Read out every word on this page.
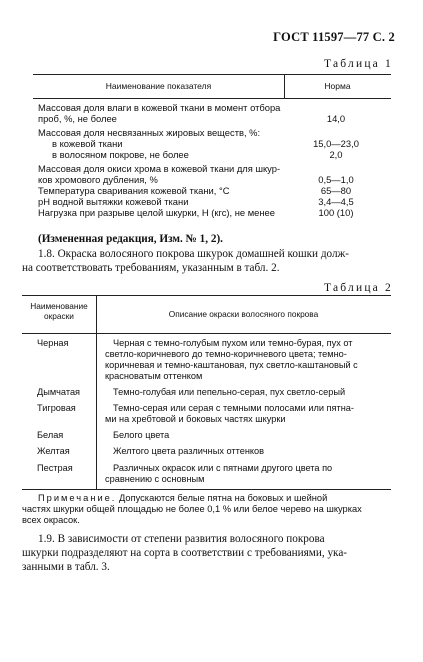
ГОСТ 11597—77 С. 2
Таблица 1
Наименование показателя	Норма
Массовая доля влаги в кожевой ткани в момент отбора
проб, %, не более	14,0
Массовая доля несвязанных жировых веществ, %:
в кожевой ткани	15,0—23,0
в волосяном покрове, не более	2,0
Массовая доля окиси хрома в кожевой ткани для шкур-
ков хромового дубления, %	0,5—1,0
Температура сваривания кожевой ткани, °С	65—80
pH водной вытяжки кожевой ткани	3,4—4,5
Нагрузка при разрыве целой шкурки, Н (кгс), не менее	100 (10)
(Измененная редакция, Изм. № 1, 2).
1.8. Окраска волосяного покрова шкурок домашней кошки долж-
на соответствовать требованиям, указанным в табл. 2.
Таблица 2
Наименование
окраски	Описание окраски волосяного покрова
Черная	Черная с темно-голубым пухом или темно-бурая, пух от
светло-коричневого до темно-коричневого цвета; темно-
коричневая и темно-каштановая, пух светло-каштановый с
красноватым оттенком
Дымчатая	Темно-голубая или пепельно-серая, пух светло-серый
Тигровая	Темно-серая или серая с темными полосами или пятна-
ми на хребтовой и боковых частях шкурки
Белая	Белого цвета
Желтая	Желтого цвета различных оттенков
Пестрая	Различных окрасок или с пятнами другого цвета по
сравнению с основным
Примечание. Допускаются белые пятна на боковых и шейной
частях шкурки общей площадью не более 0,1 % или белое черево на шкурках
всех окрасок.
1.9. В зависимости от степени развития волосяного покрова
шкурки подразделяют на сорта в соответствии с требованиями, ука-
занными в табл. 3.
